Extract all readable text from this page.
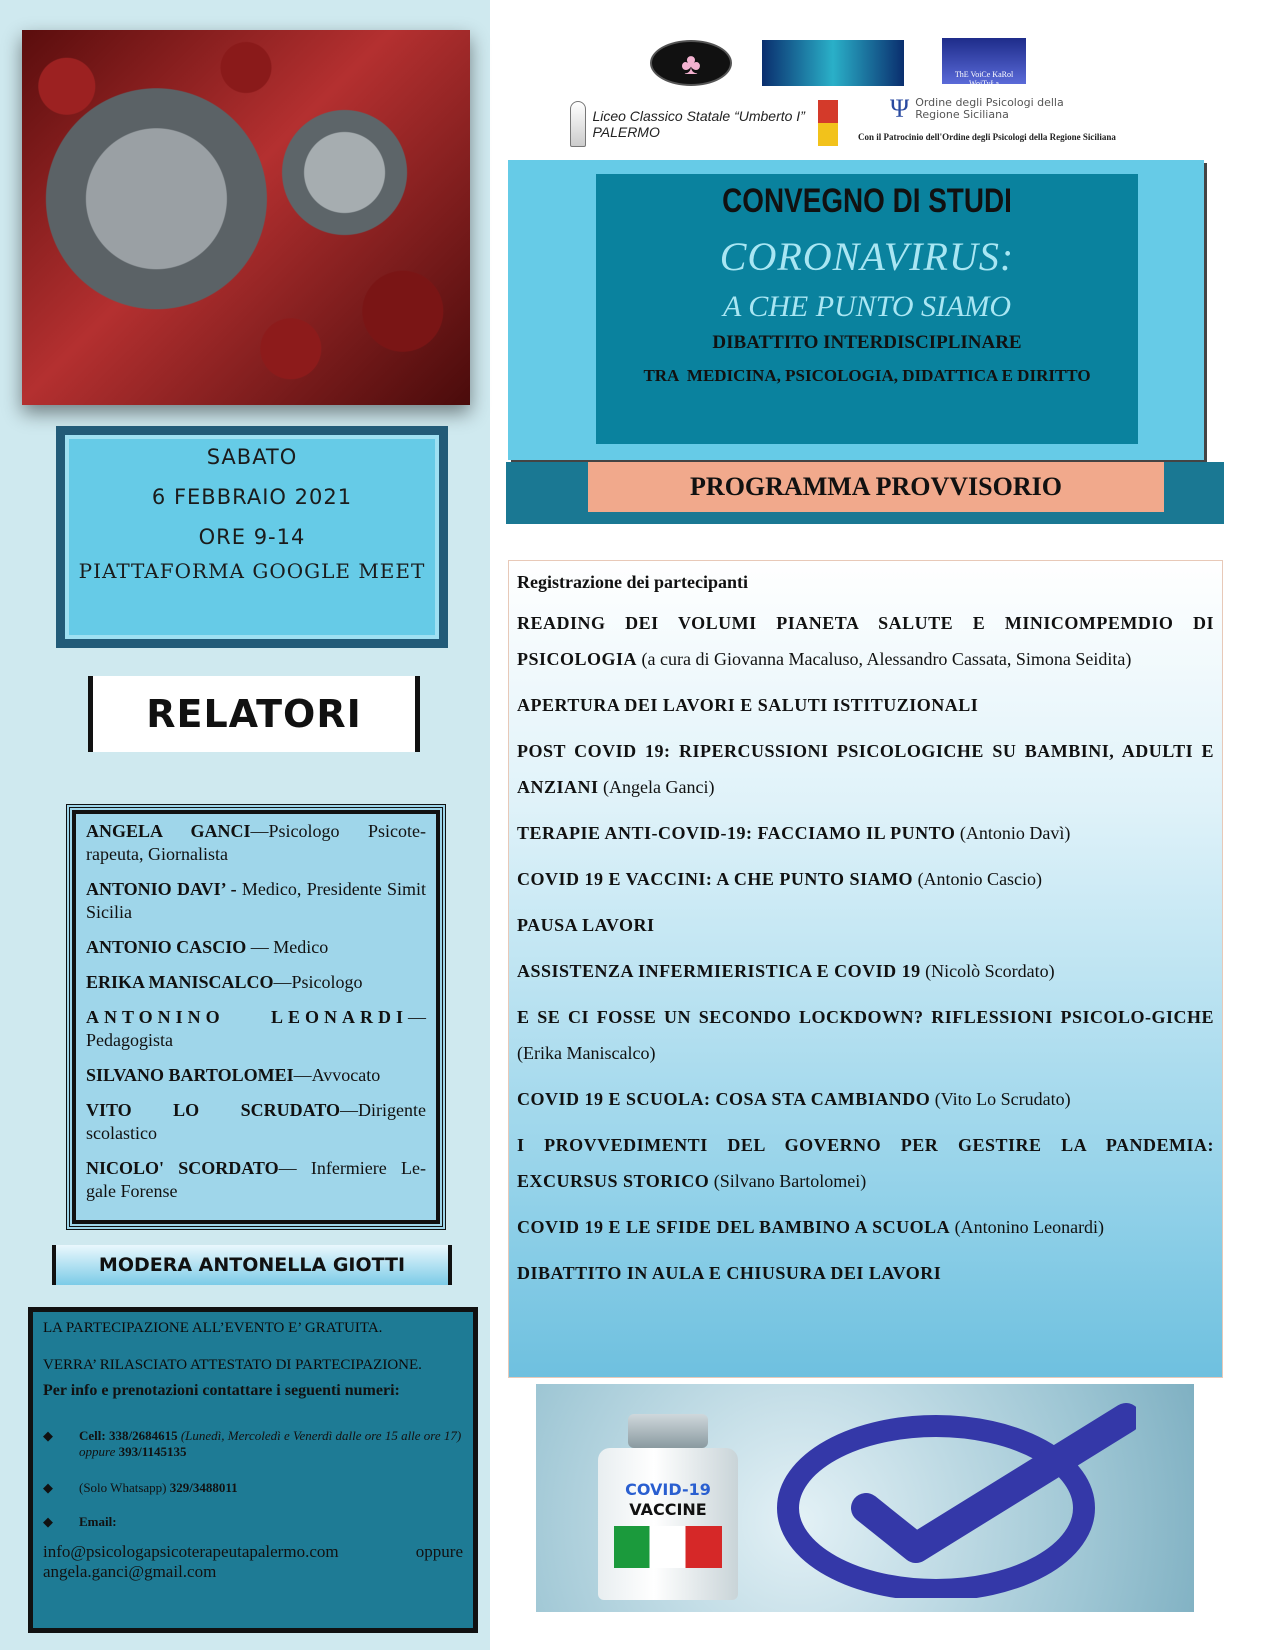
SABATO
6 FEBBRAIO 2021
ORE 9-14
PIATTAFORMA GOOGLE MEET
RELATORI

ANGELA GANCI—Psicologo Psicote-rapeuta, Giornalista

ANTONIO DAVI’ - Medico, Presidente Simit Sicilia

ANTONIO CASCIO — Medico

ERIKA MANISCALCO—Psicologo

ANTONINO LEONARDI— Pedagogista

SILVANO BARTOLOMEI—Avvocato

VITO LO SCRUDATO—Dirigente scolastico

NICOLO' SCORDATO— Infermiere Le-gale Forense

MODERA ANTONELLA GIOTTI

LA PARTECIPAZIONE ALL’EVENTO E’ GRATUITA.

VERRA’ RILASCIATO ATTESTATO DI PARTECIPAZIONE.

Per info e prenotazioni contattare i seguenti numeri:

◆	Cell: 338/2684615 (Lunedì, Mercoledì e Venerdì dalle ore 15 alle ore 17)
oppure 393/1145135
◆	(Solo Whatsapp) 329/3488011
◆	Email:
info@psicologapsicoterapeutapalermo.com	oppure
angela.ganci@gmail.com
♣	ThE VoiCe KaRol WojTyŁa
Liceo Classico Statale “Umberto I” PALERMO
Ψ Ordine degli Psicologi della Regione Siciliana
Con il Patrocinio dell'Ordine degli Psicologi della Regione Siciliana
CONVEGNO DI STUDI
CORONAVIRUS:
A CHE PUNTO SIAMO
DIBATTITO INTERDISCIPLINARE
TRA  MEDICINA, PSICOLOGIA, DIDATTICA E DIRITTO
PROGRAMMA PROVVISORIO

Registrazione dei partecipanti

READING DEI VOLUMI PIANETA SALUTE E MINICOMPEMDIO DI PSICOLOGIA (a cura di Giovanna Macaluso, Alessandro Cassata, Simona Seidita)

APERTURA DEI LAVORI E SALUTI ISTITUZIONALI

POST COVID 19: RIPERCUSSIONI PSICOLOGICHE SU BAMBINI, ADULTI E ANZIANI (Angela Ganci)

TERAPIE ANTI-COVID-19: FACCIAMO IL PUNTO (Antonio Davì)

COVID 19 E VACCINI: A CHE PUNTO SIAMO (Antonio Cascio)

PAUSA LAVORI

ASSISTENZA INFERMIERISTICA E COVID 19 (Nicolò Scordato)

E SE CI FOSSE UN SECONDO LOCKDOWN? RIFLESSIONI PSICOLO-GICHE (Erika Maniscalco)

COVID 19 E SCUOLA: COSA STA CAMBIANDO (Vito Lo Scrudato)

I PROVVEDIMENTI DEL GOVERNO PER GESTIRE LA PANDEMIA: EXCURSUS STORICO (Silvano Bartolomei)

COVID 19 E LE SFIDE DEL BAMBINO A SCUOLA (Antonino Leonardi)

DIBATTITO IN AULA E CHIUSURA DEI LAVORI

COVID-19
VACCINE
